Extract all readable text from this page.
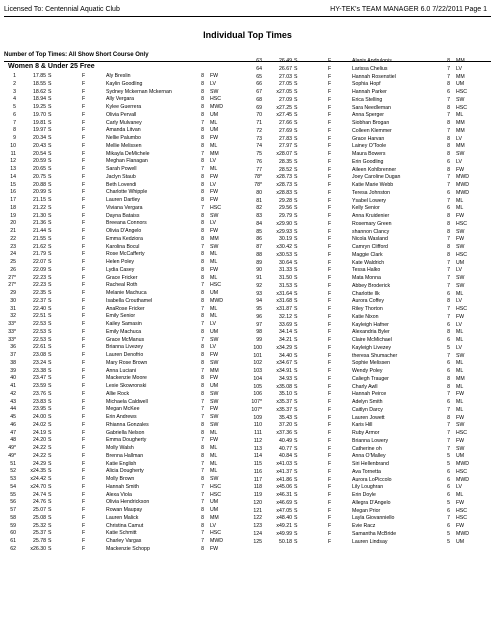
Licensed To: Centennial Aquatic Club	HY-TEK's TEAM MANAGER 6.0 7/22/2011 Page 1
Individual Top Times
Number of Top Times: All Show Short Course Only
Women 8 & Under 25 Free
1	17.85 S	F	Aly Breslin	8 FW
2	18.55 S	F	Kaylin Goodling	8 LV
3	18.62 S	F	Sydney Mckernan Mckernan	8 SW
4	18.94 S	F	Ally Vergara	8 HSC
5	19.25 S	F	Kylee Guerrera	8 MWD
6	19.70 S	F	Olivia Pervall	8 UM
7	19.81 S	F	Carly Mulvaney	7 ML
8	19.97 S	F	Amanda Litvan	8 UM
9	20.34 S	F	Nellie Palumbo	8 FW
10	20.43 S	F	Mellie Melissen	8 ML
11	20.54 S	F	Mikayla DeMichele	7 MM
12	20.59 S	F	Meghan Flanagan	8 LV
13	20.65 S	F	Sarah Powell	7 ML
14	20.75 S	F	Jaclyn Staub	8 FW
15	20.88 S	F	Beth Lovendi	8 LV
16	20.99 S	F	Charlotte Whipple	8 FW
17	21.15 S	F	Lauren Dartley	8 FW
18	21.22 S	F	Viviana Vergara	7 HSC
19	21.30 S	F	Dayna Bataiss	8 SW
20	21.36 S	F	Breeana Connors	8 LV
21	21.44 S	F	Olivia D'Angelo	8 FW
22	21.55 S	F	Emma Kedziora	8 MM
23	21.62 S	F	Karolina Bocul	7 SW
24	21.79 S	F	Rose McCafferty	8 ML
25	22.07 S	F	Helen Poley	8 ML
26	22.09 S	F	Lydia Casey	8 FW
27*	22.23 S	F	Grace Fricker	8 ML
27*	22.23 S	F	Racheal Roth	7 HSC
29	22.35 S	F	Melanie Machuca	8 UM
30	22.37 S	F	Isabella Crouthamel	8 MWD
31	22.40 S	F	AnaRose Fricker	7 ML
32	22.51 S	F	Emily Senior	8 ML
33*	22.53 S	F	Kailey Samasin	7 LV
33*	22.53 S	F	Emily Machuca	8 UM
33*	22.53 S	F	Grace McManus	7 SW
36	22.61 S	F	Brianna Livezey	8 LV
37	23.08 S	F	Lauren Denofrio	8 FW
38	23.24 S	F	Mary Rose Brown	8 SW
39	23.38 S	F	Anna Luciani	7 MM
40	23.47 S	F	Mackenzie Moore	8 FW
41	23.59 S	F	Lexie Skowronski	8 UM
42	23.76 S	F	Allie Rock	8 SW
43	23.83 S	F	Michaela Caldwell	7 SW
44	23.95 S	F	Megan McKee	7 FW
45	24.00 S	F	Erin Andrews	7 SW
46	24.02 S	F	Rhianna Gonzales	8 SW
47	24.19 S	F	Gabriella Nelson	8 ML
48	24.20 S	F	Emma Dougherty	7 FW
49*	24.22 S	F	Molly Walsh	8 ML
49*	24.22 S	F	Brenna Hallman	8 ML
51	24.29 S	F	Katie English	7 ML
52	x24.35 S	F	Alicia Dougherty	7 ML
53	x24.42 S	F	Molly Brown	8 SW
54	x24.70 S	F	Hannah Smith	7 HSC
55	24.74 S	F	Alexa Viola	7 HSC
56	24.76 S	F	Olivia Hendrickson	7 UM
57	25.07 S	F	Rowan Maupay	8 UM
58	25.08 S	F	Lauren Malick	8 MM
59	25.32 S	F	Christina Camut	8 LV
60	25.37 S	F	Katie Schmitt	7 HSC
61	25.78 S	F	Charley Vargas	7 MWD
62	x26.30 S	F	Mackenzie Schopp	8 FW
63	26.49 S	F	Alanis Andrulonis	8 MM
64	26.67 S	F	Larissa Chelius	7 LV
65	27.03 S	F	Hannah Rosenstiel	7 MM
66	27.05 S	F	Sophia Hopf	8 UM
67	x27.05 S	F	Hannah Parker	6 HSC
68	27.09 S	F	Erica Stelling	7 SW
69	x27.25 S	F	Sara Needleman	8 HSC
70	x27.45 S	F	Anna Sperger	7 ML
71	27.66 S	F	Siobhan Brogan	8 MM
72	27.69 S	F	Colleen Klemmer	7 MM
73	27.83 S	F	Grace Harvan	8 LV
74	27.97 S	F	Lainey O'Toole	8 MM
75	x28.07 S	F	Maura Bowers	8 SW
76	28.35 S	F	Erin Goodling	6 LV
77	28.52 S	F	Aileen Kohlbrenner	8 FW
78*	x28.73 S	F	Joey Caroline Dugan	7 MWD
78*	x28.73 S	F	Katie Marie Webb	7 MWD
80	x28.83 S	F	Teresa Johnston	6 MWD
81	29.28 S	F	Ysabel Lowery	7 ML
82	29.56 S	F	Kelly Senior	6 ML
83	29.79 S	F	Anna Kruidenier	8 FW
84	x29.90 S	F	Rosemary Green	8 HSC
85	x29.93 S	F	shannon Clancy	8 SW
86	30.19 S	F	Nicola Wasland	7 FW
87	x30.42 S	F	Camryn Clifford	8 SW
88	x30.53 S	F	Maggie Clark	8 HSC
89	30.64 S	F	Kate Waldrich	7 UM
90	31.33 S	F	Tessa Halko	7 LV
91	31.50 S	F	Mata Monna	7 SW
92	31.53 S	F	Abbey Broderick	7 SW
93	x31.64 S	F	Charlotte Ilk	6 ML
94	x31.68 S	F	Aurora Coffey	8 LV
95	x31.87 S	F	Riley Thorton	7 HSC
96	32.12 S	F	Katie Nixon	7 FW
97	33.69 S	F	Kayleigh Hafner	6 LV
98	34.14 S	F	Alexandria Byler	8 ML
99	34.21 S	F	Claire McMichael	6 ML
100	x34.29 S	F	Kayleigh Livezey	5 LV
101	34.40 S	F	theresa Shumacher	7 SW
102	x34.67 S	F	Sophie Melissen	6 ML
103	x34.91 S	F	Wendy Poley	6 ML
104	34.93 S	F	Caliegh Trauger	8 MM
105	x35.08 S	F	Charly Awll	8 ML
106	35.10 S	F	Hannah Peirce	7 FW
107*	x35.37 S	F	Adelyn Smith	6 ML
107*	x35.37 S	F	Caitlyn Darcy	7 ML
109	35.43 S	F	Lauren Jowett	8 FW
110	37.20 S	F	Karis Hill	7 SW
111	x37.36 S	F	Ruby Armor	7 HSC
112	40.49 S	F	Brianna Lowery	7 FW
113	40.77 S	F	Catherine oh	7 SW
114	40.84 S	F	Anna O'Malley	5 UM
115	x41.03 S	F	Siri Hellenbrand	5 MWD
116	x41.37 S	F	Ava Tornetta	6 HSC
117	x41.86 S	F	Aurora LoPiccolo	6 MWD
118	x45.06 S	F	Lily Loughran	6 LV
119	x46.31 S	F	Erin Doyle	6 ML
120	x46.69 S	F	Allegra D'Angelo	5 FW
121	x47.05 S	F	Megan Prior	6 HSC
122	x48.40 S	F	Layla Giovanniello	7 HSC
123	x49.21 S	F	Evie Racz	6 FW
124	x49.99 S	F	Samantha McBride	5 MWD
125	50.18 S	F	Lauren Lindsay	5 UM
